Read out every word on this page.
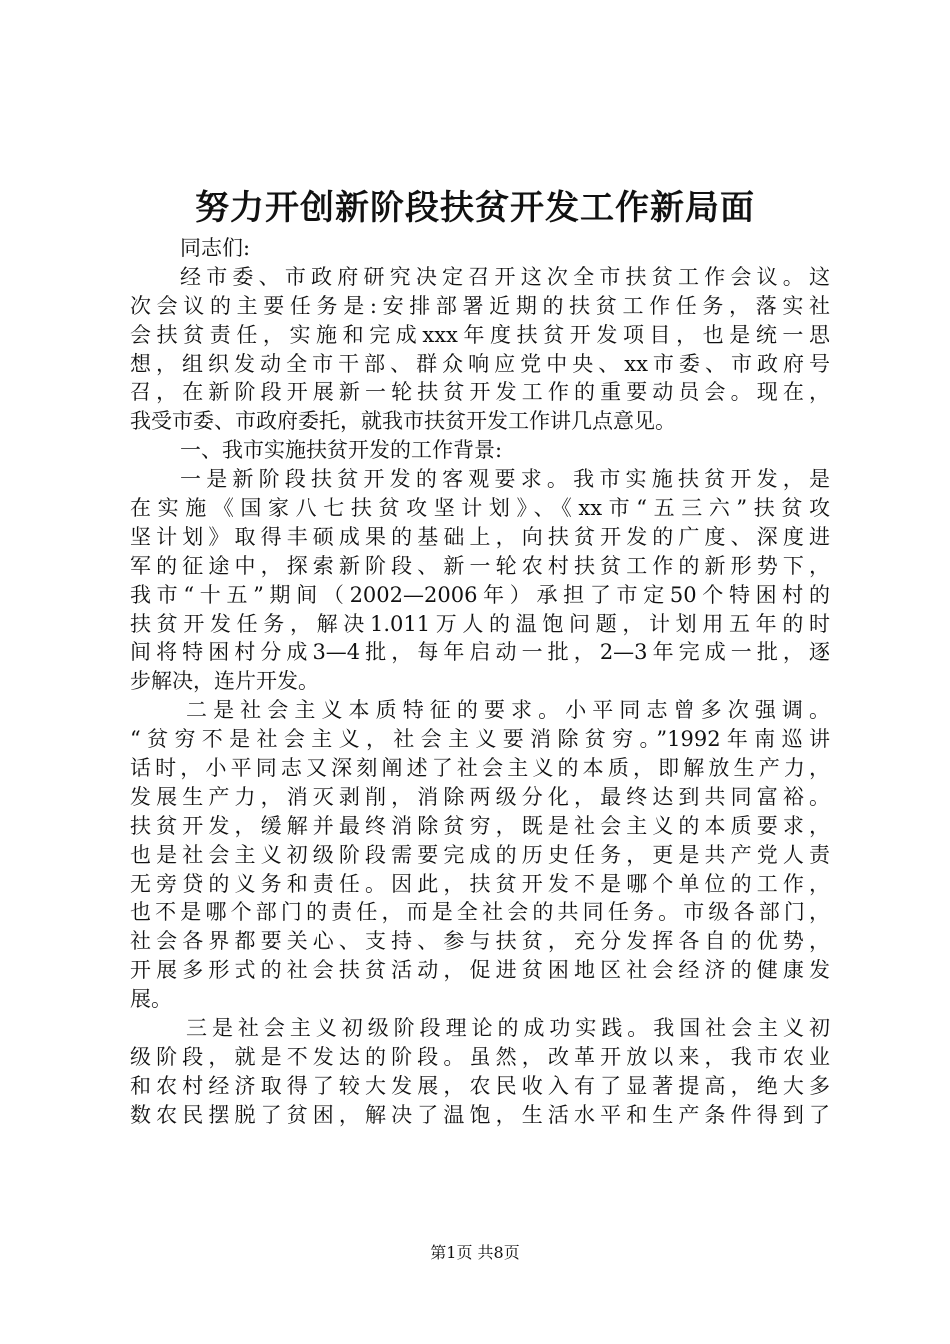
努力开创新阶段扶贫开发工作新局面
同志们:
经市委、市政府研究决定召开这次全市扶贫工作会议。这
次会议的主要任务是:安排部署近期的扶贫工作任务，落实社
会扶贫责任，实施和完成xxx年度扶贫开发项目，也是统一思
想，组织发动全市干部、群众响应党中央、xx市委、市政府号
召，在新阶段开展新一轮扶贫开发工作的重要动员会。现在，
我受市委、市政府委托，就我市扶贫开发工作讲几点意见。
一、我市实施扶贫开发的工作背景:
一是新阶段扶贫开发的客观要求。我市实施扶贫开发，是
在实施《国家八七扶贫攻坚计划》、《xx市“五三六”扶贫攻
坚计划》取得丰硕成果的基础上，向扶贫开发的广度、深度进
军的征途中，探索新阶段、新一轮农村扶贫工作的新形势下，
我市“十五”期间（2002—2006年）承担了市定50个特困村的
扶贫开发任务，解决1.011万人的温饱问题，计划用五年的时
间将特困村分成3—4批，每年启动一批，2—3年完成一批，逐
步解决，连片开发。
二是社会主义本质特征的要求。小平同志曾多次强调。
“贫穷不是社会主义，社会主义要消除贫穷。”1992年南巡讲
话时，小平同志又深刻阐述了社会主义的本质，即解放生产力，
发展生产力，消灭剥削，消除两级分化，最终达到共同富裕。
扶贫开发，缓解并最终消除贫穷，既是社会主义的本质要求，
也是社会主义初级阶段需要完成的历史任务，更是共产党人责
无旁贷的义务和责任。因此，扶贫开发不是哪个单位的工作，
也不是哪个部门的责任，而是全社会的共同任务。市级各部门，
社会各界都要关心、支持、参与扶贫，充分发挥各自的优势，
开展多形式的社会扶贫活动，促进贫困地区社会经济的健康发
展。
三是社会主义初级阶段理论的成功实践。我国社会主义初
级阶段，就是不发达的阶段。虽然，改革开放以来，我市农业
和农村经济取得了较大发展，农民收入有了显著提高，绝大多
数农民摆脱了贫困，解决了温饱，生活水平和生产条件得到了
第1页 共8页
